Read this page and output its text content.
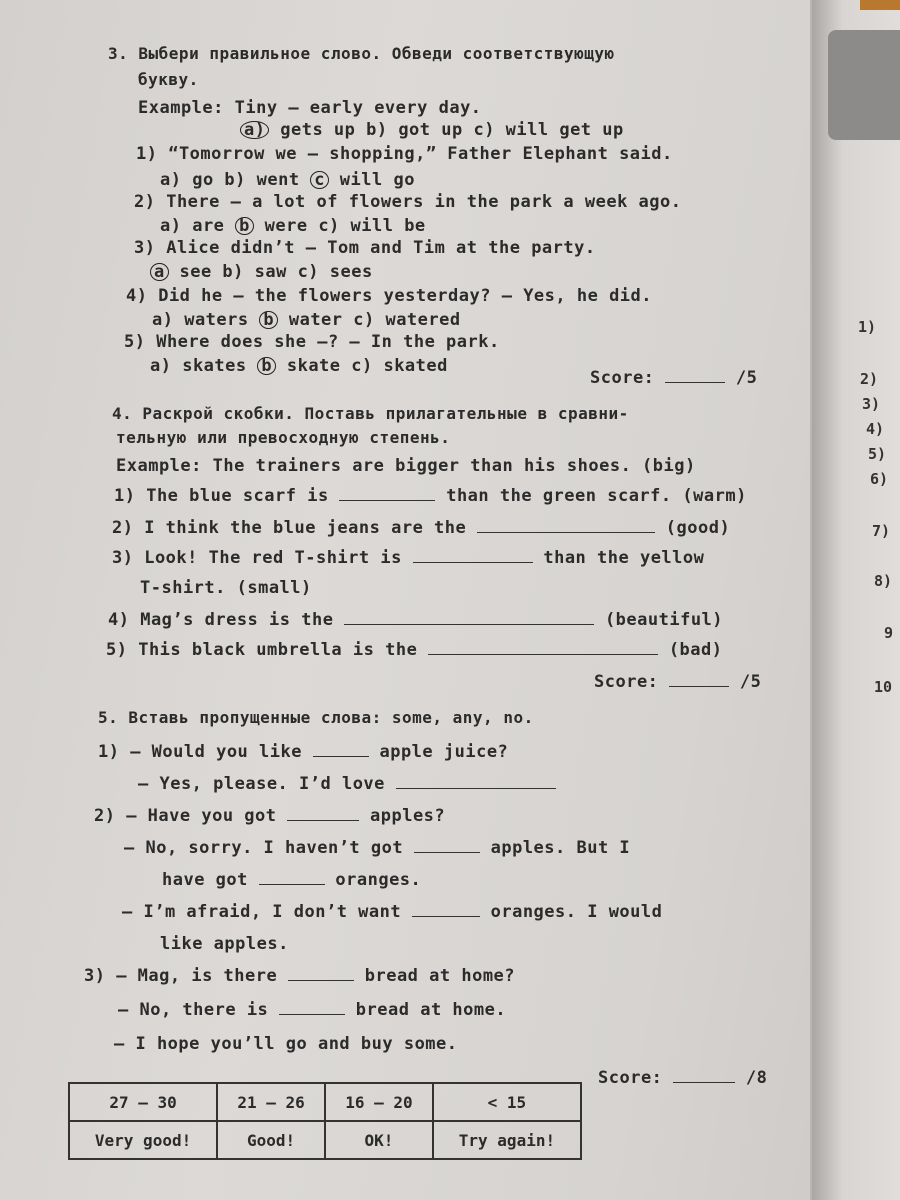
1)
2)
3)
4)
5)
6)
7)
8)
9
10
3. Выбери правильное слово. Обведи соответствующую
букву.
Example: Tiny – early every day.
a) gets up b) got up c) will get up
1) “Tomorrow we – shopping,” Father Elephant said.
a) go b) went c will go
2) There – a lot of flowers in the park a week ago.
a) are b were c) will be
3) Alice didn’t – Tom and Tim at the party.
a see b) saw c) sees
4) Did he – the flowers yesterday? — Yes, he did.
a) waters b water c) watered
5) Where does she –? — In the park.
a) skates b skate c) skated
Score:	/5
4. Раскрой скобки. Поставь прилагательные в сравни-
тельную или превосходную степень.
Example: The trainers are bigger than his shoes. (big)
1) The blue scarf is	than the green scarf. (warm)
2) I think the blue jeans are the	(good)
3) Look! The red T-shirt is	than the yellow
T-shirt. (small)
4) Mag’s dress is the	(beautiful)
5) This black umbrella is the	(bad)
Score:	/5
5. Вставь пропущенные слова: some, any, no.
1) — Would you like	apple juice?
— Yes, please. I’d love
2) — Have you got	apples?
— No, sorry. I haven’t got	apples. But I
have got	oranges.
— I’m afraid, I don’t want	oranges. I would
like apples.
3) — Mag, is there	bread at home?
— No, there is	bread at home.
— I hope you’ll go and buy some.
Score:	/8
27 – 30	21 – 26	16 – 20	< 15
Very good!	Good!	OK!	Try again!
